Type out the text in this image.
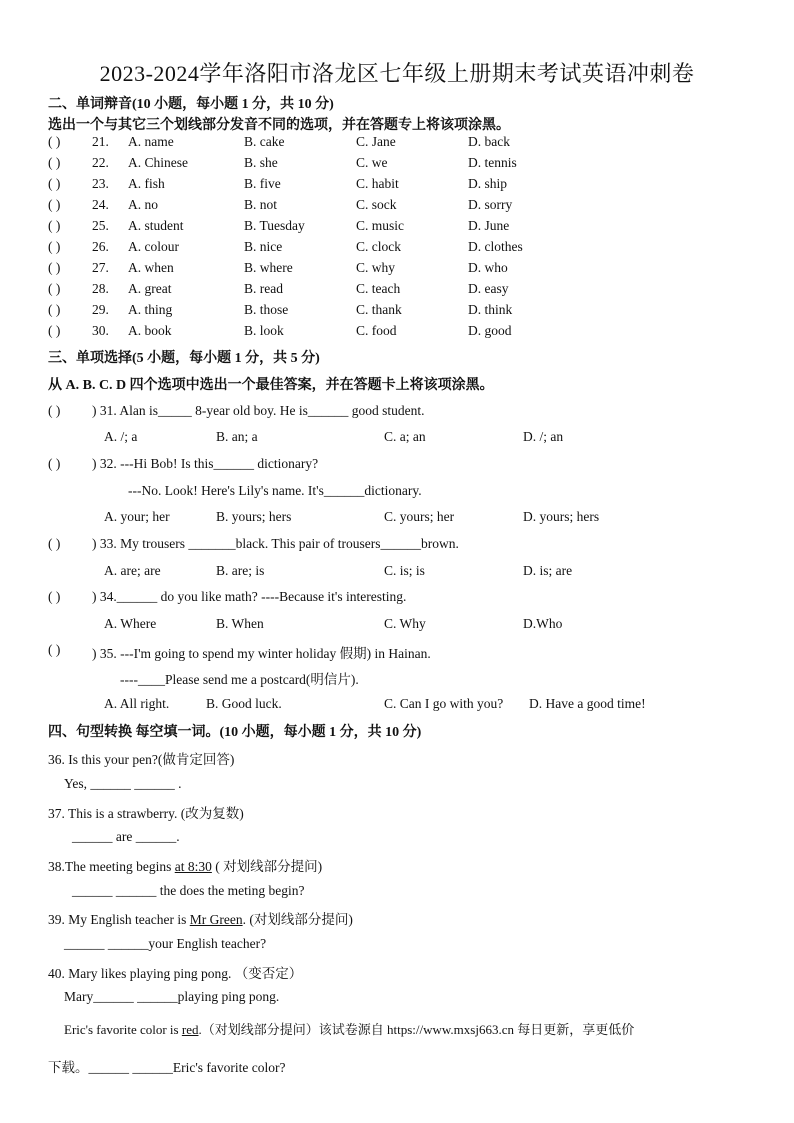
2023-2024学年洛阳市洛龙区七年级上册期末考试英语冲刺卷
二、单词辩音(10 小题，每小题 1 分，共 10 分)
选出一个与其它三个划线部分发音不同的选项，并在答题专上将该项涂黑。
( ) 21. A. name	B. cake	C. Jane	D. back
( ) 22. A. Chinese	B. she	C. we	D. tennis
( ) 23. A. fish	B. five	C. habit	D. ship
( ) 24. A. no	B. not	C. sock	D. sorry
( ) 25. A. student	B. Tuesday	C. music	D. June
( ) 26. A. colour	B. nice	C. clock	D. clothes
( ) 27. A. when	B. where	C. why	D. who
( ) 28. A. great	B. read	C. teach	D. easy
( ) 29. A. thing	B. those	C. thank	D. think
( ) 30. A. book	B. look	C. food	D. good
三、单项选择(5 小题，每小题 1 分，共 5 分)
从 A. B. C. D 四个选项中选出一个最佳答案，并在答题卡上将该项涂黑。
( ) ) 31. Alan is_____ 8-year old boy. He is______ good student.
A. /; a	B. an; a	C. a; an	D. /; an
( ) ) 32. ---Hi Bob! Is this______ dictionary?
---No. Look! Here's Lily's name. It's______dictionary.
A. your; her	B. yours; hers	C. yours; her	D. yours; hers
( ) ) 33. My trousers _______black. This pair of trousers______brown.
A. are; are	B. are; is	C. is; is	D. is; are
( ) ) 34.______ do you like math? ----Because it's interesting.
A. Where	B. When	C. Why	D.Who
( ) ) 35. ---I'm going to spend my winter holiday 假期) in Hainan.
----____Please send me a postcard(明信片).
A. All right.	B. Good luck.	C. Can I go with you? D. Have a good time!
四、句型转换 每空填一词。(10 小题，每小题 1 分，共 10 分)
36. Is this your pen?(做肯定回答)
Yes, ______ ______ .
37. This is a strawberry. (改为复数)
______ are ______.
38.The meeting begins at 8:30 ( 对划线部分提问)
______ ______ the does the meting begin?
39. My English teacher is Mr Green. (对划线部分提问)
______ ______your English teacher?
40. Mary likes playing ping pong. （变否定）
Mary______ ______playing ping pong.
Eric's favorite color is red.（对划线部分提问）该试卷源自 https://www.mxsj663.cn 每日更新，享更低价
下载。______ ______Eric's favorite color?
